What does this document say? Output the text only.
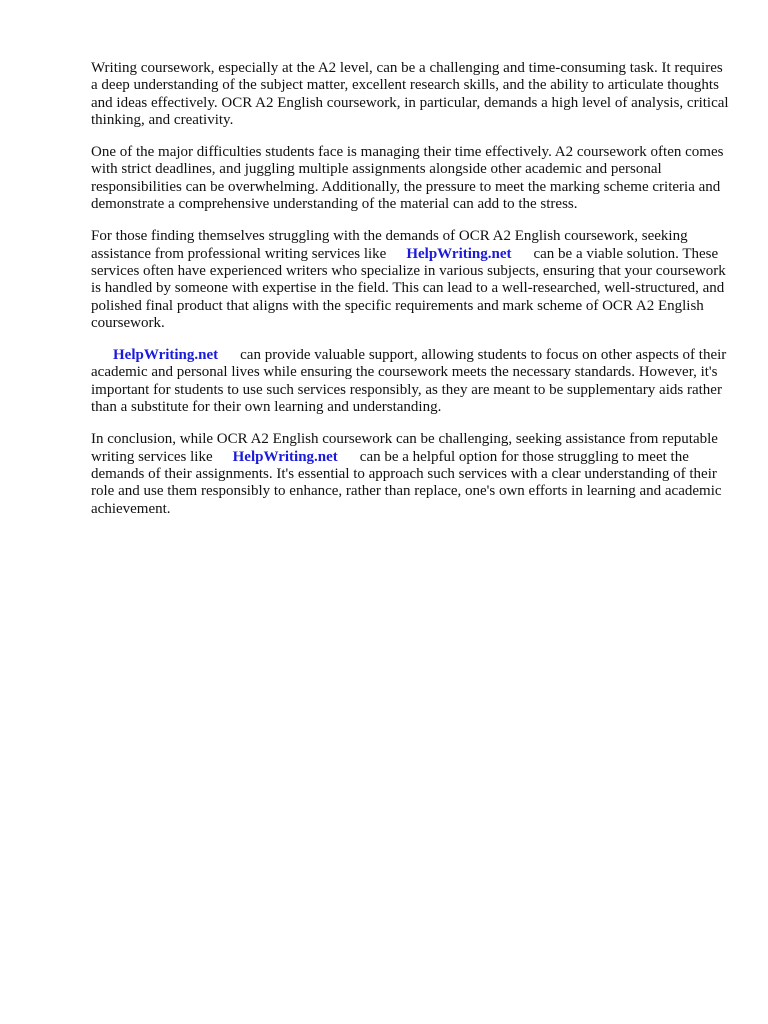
Writing coursework, especially at the A2 level, can be a challenging and time-consuming task. It requires a deep understanding of the subject matter, excellent research skills, and the ability to articulate thoughts and ideas effectively. OCR A2 English coursework, in particular, demands a high level of analysis, critical thinking, and creativity.

One of the major difficulties students face is managing their time effectively. A2 coursework often comes with strict deadlines, and juggling multiple assignments alongside other academic and personal responsibilities can be overwhelming. Additionally, the pressure to meet the marking scheme criteria and demonstrate a comprehensive understanding of the material can add to the stress.

For those finding themselves struggling with the demands of OCR A2 English coursework, seeking assistance from professional writing services like HelpWriting.net can be a viable solution. These services often have experienced writers who specialize in various subjects, ensuring that your coursework is handled by someone with expertise in the field. This can lead to a well-researched, well-structured, and polished final product that aligns with the specific requirements and mark scheme of OCR A2 English coursework.

HelpWriting.net can provide valuable support, allowing students to focus on other aspects of their academic and personal lives while ensuring the coursework meets the necessary standards. However, it's important for students to use such services responsibly, as they are meant to be supplementary aids rather than a substitute for their own learning and understanding.

In conclusion, while OCR A2 English coursework can be challenging, seeking assistance from reputable writing services like HelpWriting.net can be a helpful option for those struggling to meet the demands of their assignments. It's essential to approach such services with a clear understanding of their role and use them responsibly to enhance, rather than replace, one's own efforts in learning and academic achievement.
